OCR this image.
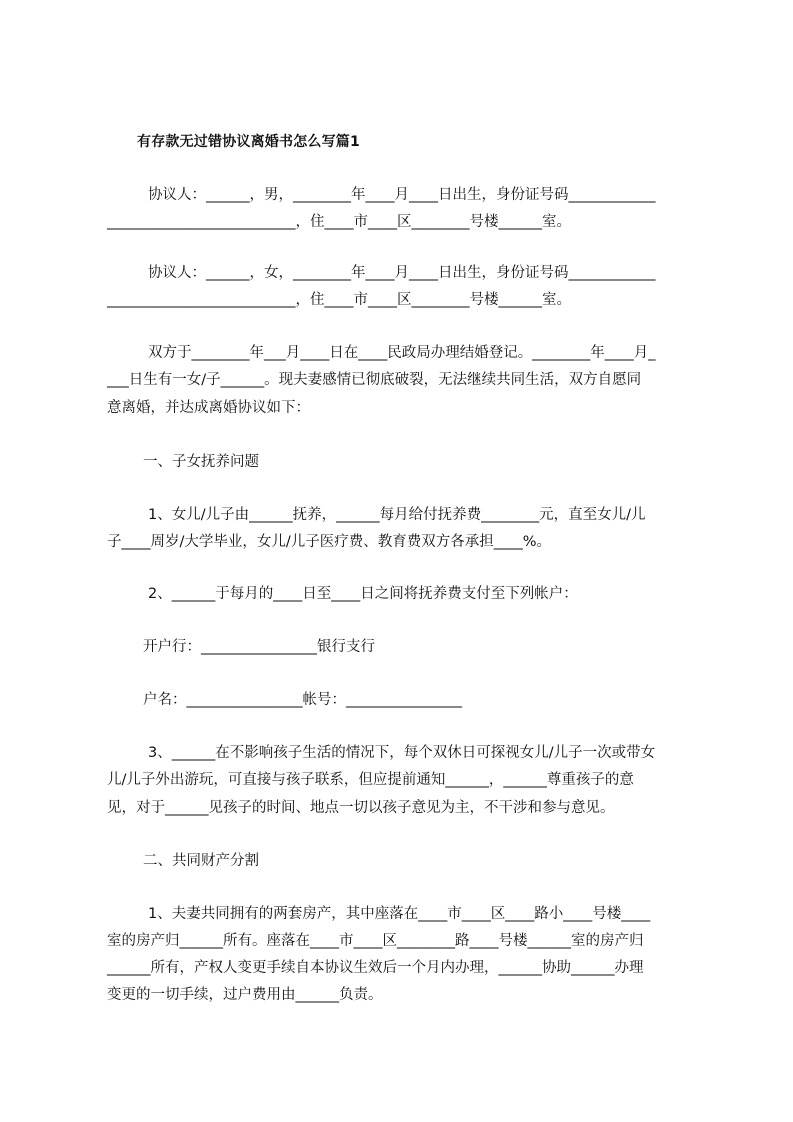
有存款无过错协议离婚书怎么写篇1
协议人：______，男，________年____月____日出生，身份证号码____________
__________________________，住____市____区________号楼______室。
协议人：______，女，________年____月____日出生，身份证号码____________
__________________________，住____市____区________号楼______室。
双方于________年___月____日在____民政局办理结婚登记。________年____月_
___日生有一女/子______。现夫妻感情已彻底破裂，无法继续共同生活，双方自愿同
意离婚，并达成离婚协议如下：
一、子女抚养问题
1、女儿/儿子由______抚养，______每月给付抚养费________元，直至女儿/儿
子____周岁/大学毕业，女儿/儿子医疗费、教育费双方各承担____%。
2、______于每月的____日至____日之间将抚养费支付至下列帐户：
开户行：________________银行支行
户名：________________帐号：________________
3、______在不影响孩子生活的情况下，每个双休日可探视女儿/儿子一次或带女
儿/儿子外出游玩，可直接与孩子联系，但应提前通知______，______尊重孩子的意
见，对于______见孩子的时间、地点一切以孩子意见为主，不干涉和参与意见。
二、共同财产分割
1、夫妻共同拥有的两套房产，其中座落在____市____区____路小____号楼____
室的房产归______所有。座落在____市____区________路____号楼______室的房产归
______所有，产权人变更手续自本协议生效后一个月内办理，______协助______办理
变更的一切手续，过户费用由______负责。
